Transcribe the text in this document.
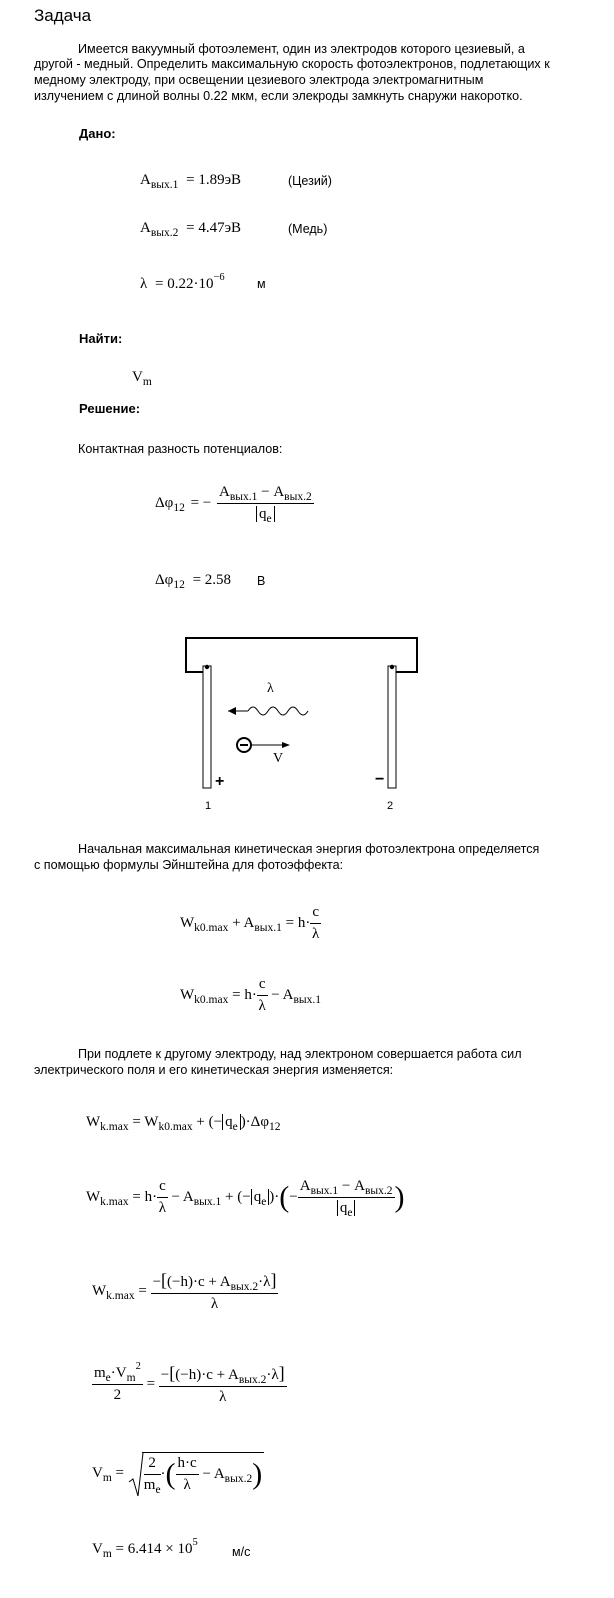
Задача
Имеется вакуумный фотоэлемент, один из электродов которого цезиевый, а
другой - медный. Определить максимальную скорость фотоэлектронов, подлетающих к
медному электроду, при освещении цезиевого электрода электромагнитным
излучением с длиной волны 0.22 мкм, если элекроды замкнуть снаружи накоротко.
Дано:
$A_{вых.1} = 1.89эВ$	(Цезий)
$A_{вых.2} = 4.47эВ$	(Медь)
$\lambda = 0.22\cdot 10^{-6}$	м
Найти:
$V_m$
Решение:
Контактная разность потенциалов:
$\Delta\varphi_{12}$ = − $\frac{A_{вых.1} - A_{вых.2}}{q_e}$
$\Delta\varphi_{12} = 2.58$ В
λ
V
+	−
1	2
Начальная максимальная кинетическая энергия фотоэлектрона определяется
с помощью формулы Эйнштейна для фотоэффекта:
$W_{k0.max} + A_{вых.1} = h\cdot \frac{c}{\lambda}$
$W_{k0.max} = h\cdot \frac{c}{\lambda} - A_{вых.1}$
При подлете к другому электроду, над электроном совершается работа сил
электрического поля и его кинетическая энергия изменяется:
$W_{k.max} = W_{k0.max}$ + (− $q_e$ )$\cdot\Delta\varphi_{12}$
$W_{k.max} = h\cdot \frac{c}{\lambda} - A_{вых.1}$ + (− $q_e$ )·(− $\frac{A_{вых.1} - A_{вых.2}}{q_e}$ )
$W_{k.max} = \frac{-[(-h)\cdot c + A_{вых.2}\cdot\lambda]}{\lambda}$
$\frac{m_e\cdot V_m^2}{2} = \frac{-[(-h)\cdot c + A_{вых.2}\cdot\lambda]}{\lambda}$
$V_m = \frac{2}{m_e}$ ·( $\frac{h\cdot c}{\lambda} - A_{вых.2}$)
$V_m = 6.414 \times 10^5$
м/с
